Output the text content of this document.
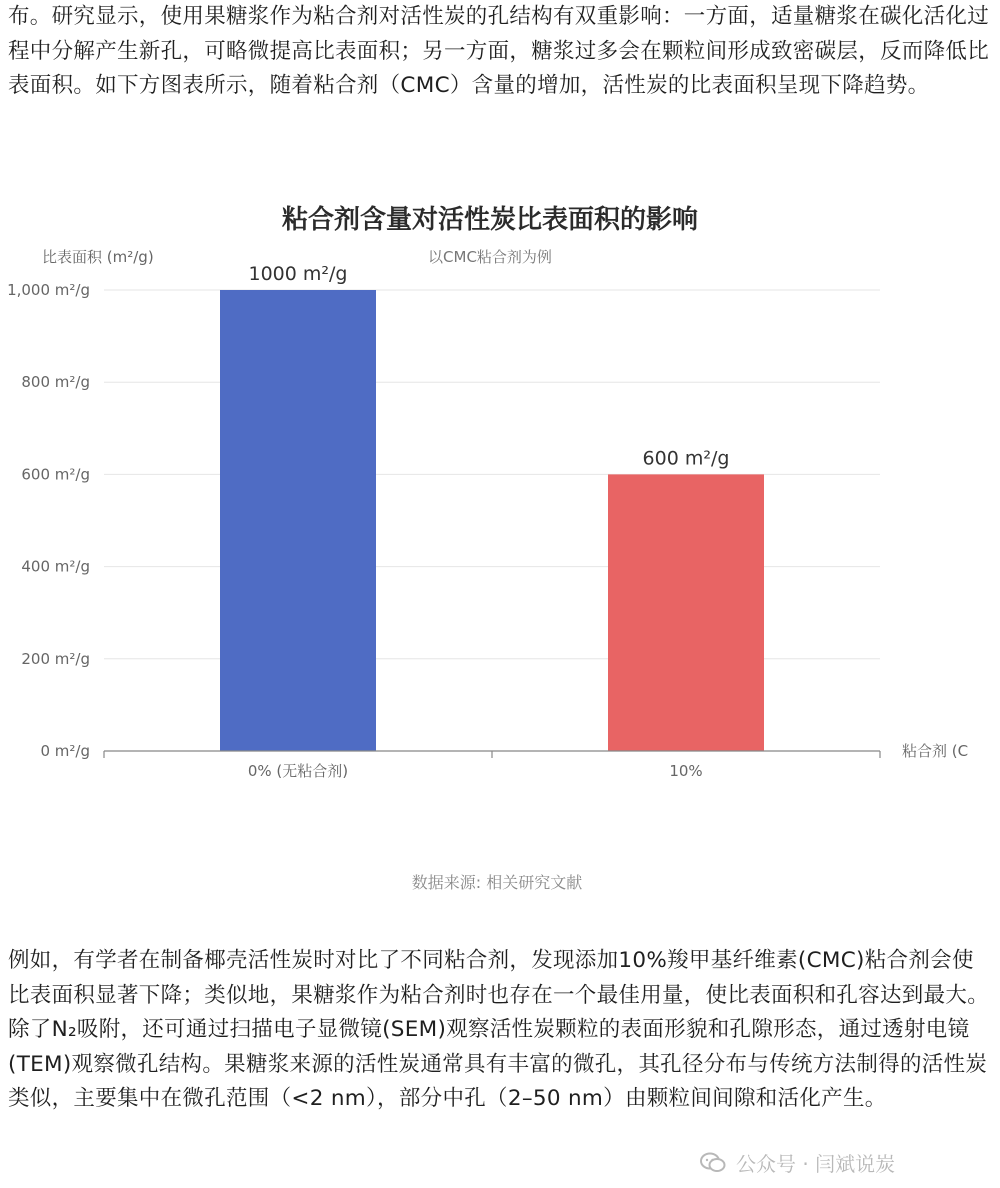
布。研究显示，使用果糖浆作为粘合剂对活性炭的孔结构有双重影响：一方面，适量糖浆在碳化活化过程中分解产生新孔，可略微提高比表面积；另一方面，糖浆过多会在颗粒间形成致密碳层，反而降低比表面积。如下方图表所示，随着粘合剂（CMC）含量的增加，活性炭的比表面积呈现下降趋势。

粘合剂含量对活性炭比表面积的影响
比表面积 (m²/g)	以CMC粘合剂为例
0 m²/g
200 m²/g
400 m²/g
600 m²/g
800 m²/g
1,000 m²/g
1000 m²/g
600 m²/g
0% (无粘合剂)	10%
粘合剂 (C
数据来源: 相关研究文献

例如，有学者在制备椰壳活性炭时对比了不同粘合剂，发现添加10%羧甲基纤维素(CMC)粘合剂会使比表面积显著下降；类似地，果糖浆作为粘合剂时也存在一个最佳用量，使比表面积和孔容达到最大。除了N₂吸附，还可通过扫描电子显微镜(SEM)观察活性炭颗粒的表面形貌和孔隙形态，通过透射电镜(TEM)观察微孔结构。果糖浆来源的活性炭通常具有丰富的微孔，其孔径分布与传统方法制得的活性炭类似，主要集中在微孔范围（<2 nm），部分中孔（2–50 nm）由颗粒间间隙和活化产生。

公众号 · 闫斌说炭
